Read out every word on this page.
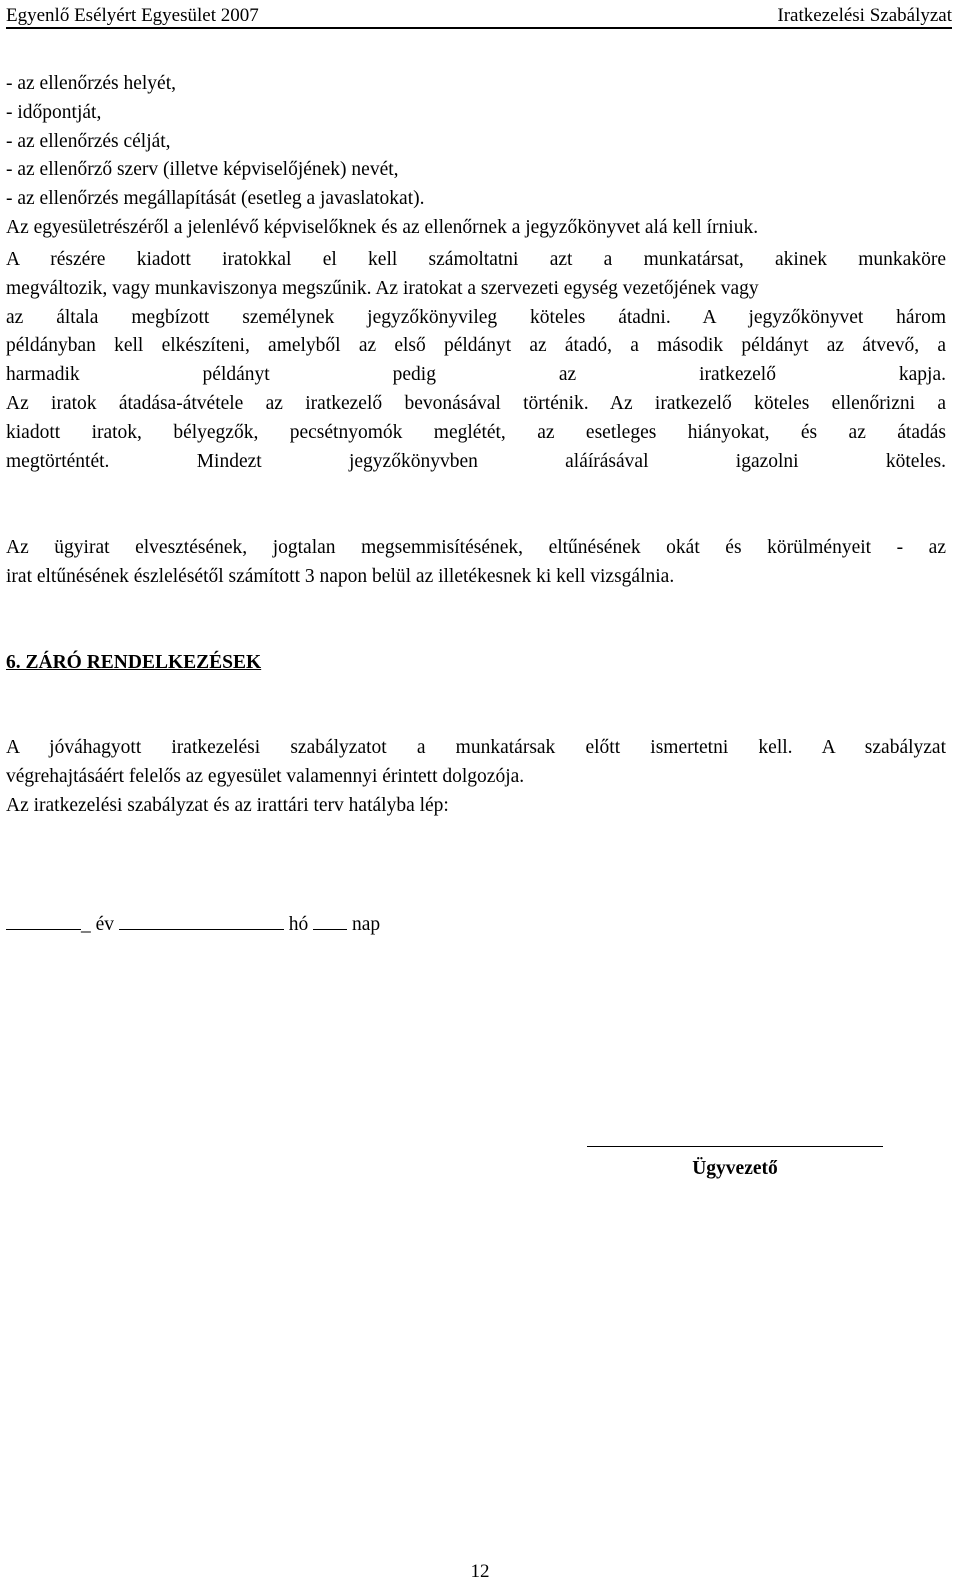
Egyenlő Esélyért Egyesület 2007	Iratkezelési Szabályzat
- az ellenőrzés helyét,
- időpontját,
- az ellenőrzés célját,
- az ellenőrző szerv (illetve képviselőjének) nevét,
- az ellenőrzés megállapítását (esetleg a javaslatokat).
Az egyesületrészéről a jelenlévő képviselőknek és az ellenőrnek a jegyzőkönyvet alá kell írniuk.
A részére kiadott iratokkal el kell számoltatni azt a munkatársat, akinek munkaköre
megváltozik, vagy munkaviszonya megszűnik. Az iratokat a szervezeti egység vezetőjének vagy
az általa megbízott személynek jegyzőkönyvileg köteles átadni. A jegyzőkönyvet három
példányban kell elkészíteni, amelyből az első példányt az átadó, a második példányt az átvevő, a
harmadik példányt pedig az iratkezelő kapja.
Az iratok átadása-átvétele az iratkezelő bevonásával történik. Az iratkezelő köteles ellenőrizni a
kiadott iratok, bélyegzők, pecsétnyomók meglétét, az esetleges hiányokat, és az átadás
megtörténtét. Mindezt jegyzőkönyvben aláírásával igazolni köteles.
Az ügyirat elvesztésének, jogtalan megsemmisítésének, eltűnésének okát és körülményeit - az
irat eltűnésének észlelésétől számított 3 napon belül az illetékesnek ki kell vizsgálnia.
6. ZÁRÓ RENDELKEZÉSEK
A jóváhagyott iratkezelési szabályzatot a munkatársak előtt ismertetni kell. A szabályzat
végrehajtásáért felelős az egyesület valamennyi érintett dolgozója.
Az iratkezelési szabályzat és az irattári terv hatályba lép:
_ év	hó nap
Ügyvezető
12
